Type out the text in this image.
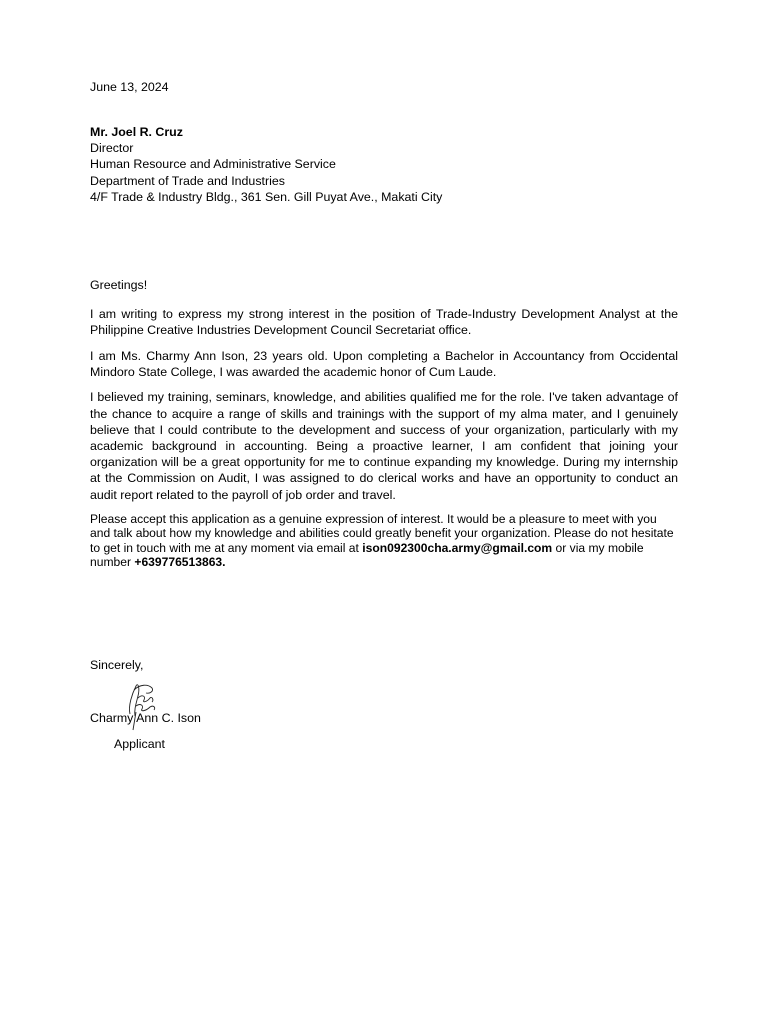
June 13, 2024
Mr. Joel R. Cruz
Director
Human Resource and Administrative Service
Department of Trade and Industries
4/F Trade & Industry Bldg., 361 Sen. Gill Puyat Ave., Makati City
Greetings!

I am writing to express my strong interest in the position of Trade-Industry Development Analyst at the Philippine Creative Industries Development Council Secretariat office.

I am Ms. Charmy Ann Ison, 23 years old. Upon completing a Bachelor in Accountancy from Occidental Mindoro State College, I was awarded the academic honor of Cum Laude.

I believed my training, seminars, knowledge, and abilities qualified me for the role. I've taken advantage of the chance to acquire a range of skills and trainings with the support of my alma mater, and I genuinely believe that I could contribute to the development and success of your organization, particularly with my academic background in accounting. Being a proactive learner, I am confident that joining your organization will be a great opportunity for me to continue expanding my knowledge. During my internship at the Commission on Audit, I was assigned to do clerical works and have an opportunity to conduct an audit report related to the payroll of job order and travel.

Please accept this application as a genuine expression of interest. It would be a pleasure to meet with you and talk about how my knowledge and abilities could greatly benefit your organization. Please do not hesitate to get in touch with me at any moment via email at ison092300cha.army@gmail.com or via my mobile number +639776513863.

Sincerely,
Charmy Ann C. Ison
Applicant
